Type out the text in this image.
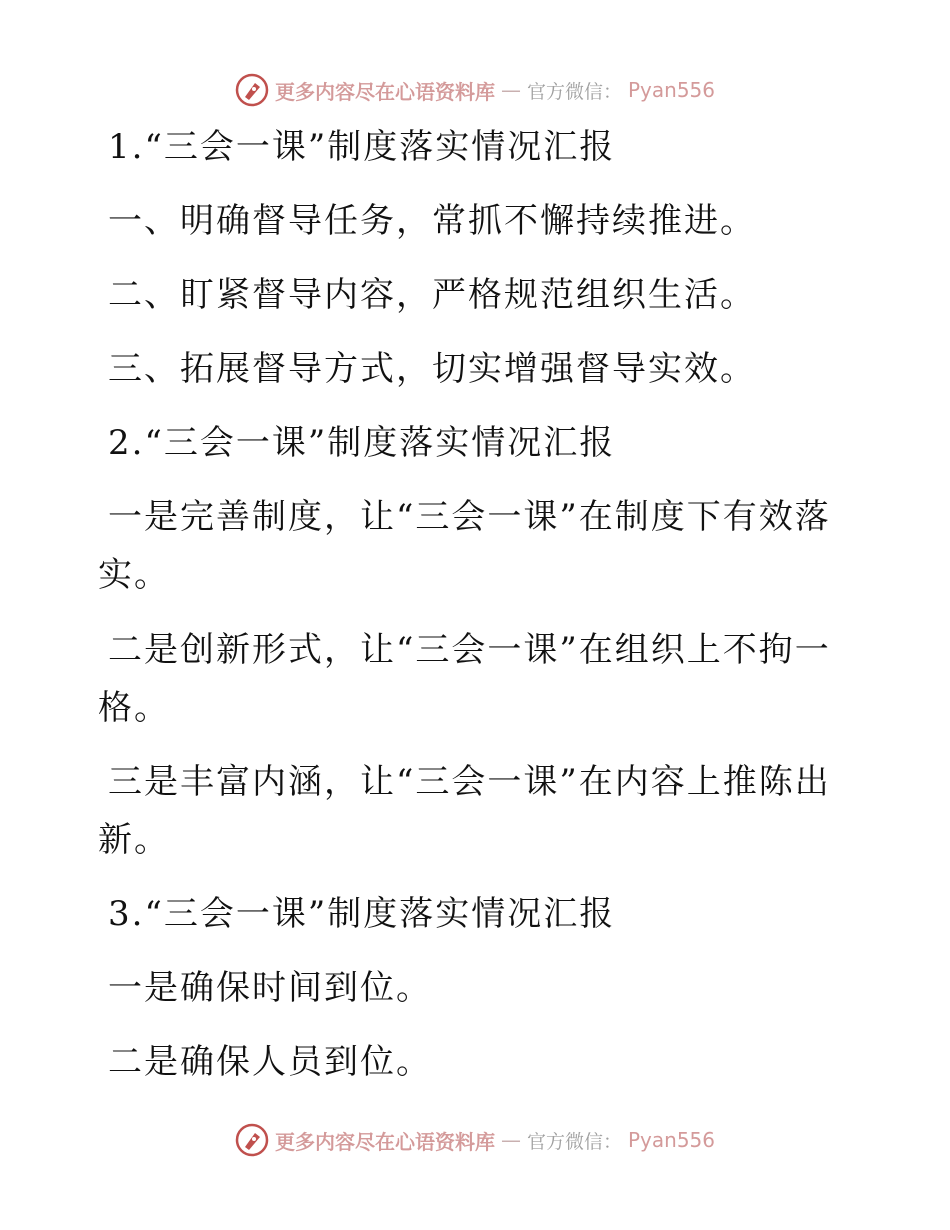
更多内容尽在心语资料库 — 官方微信： Pyan556
1.“三会一课”制度落实情况汇报
一、明确督导任务，常抓不懈持续推进。
二、盯紧督导内容，严格规范组织生活。
三、拓展督导方式，切实增强督导实效。
2.“三会一课”制度落实情况汇报
一是完善制度，让“三会一课”在制度下有效落
实。
二是创新形式，让“三会一课”在组织上不拘一
格。
三是丰富内涵，让“三会一课”在内容上推陈出
新。
3.“三会一课”制度落实情况汇报
一是确保时间到位。
二是确保人员到位。
更多内容尽在心语资料库 — 官方微信： Pyan556
